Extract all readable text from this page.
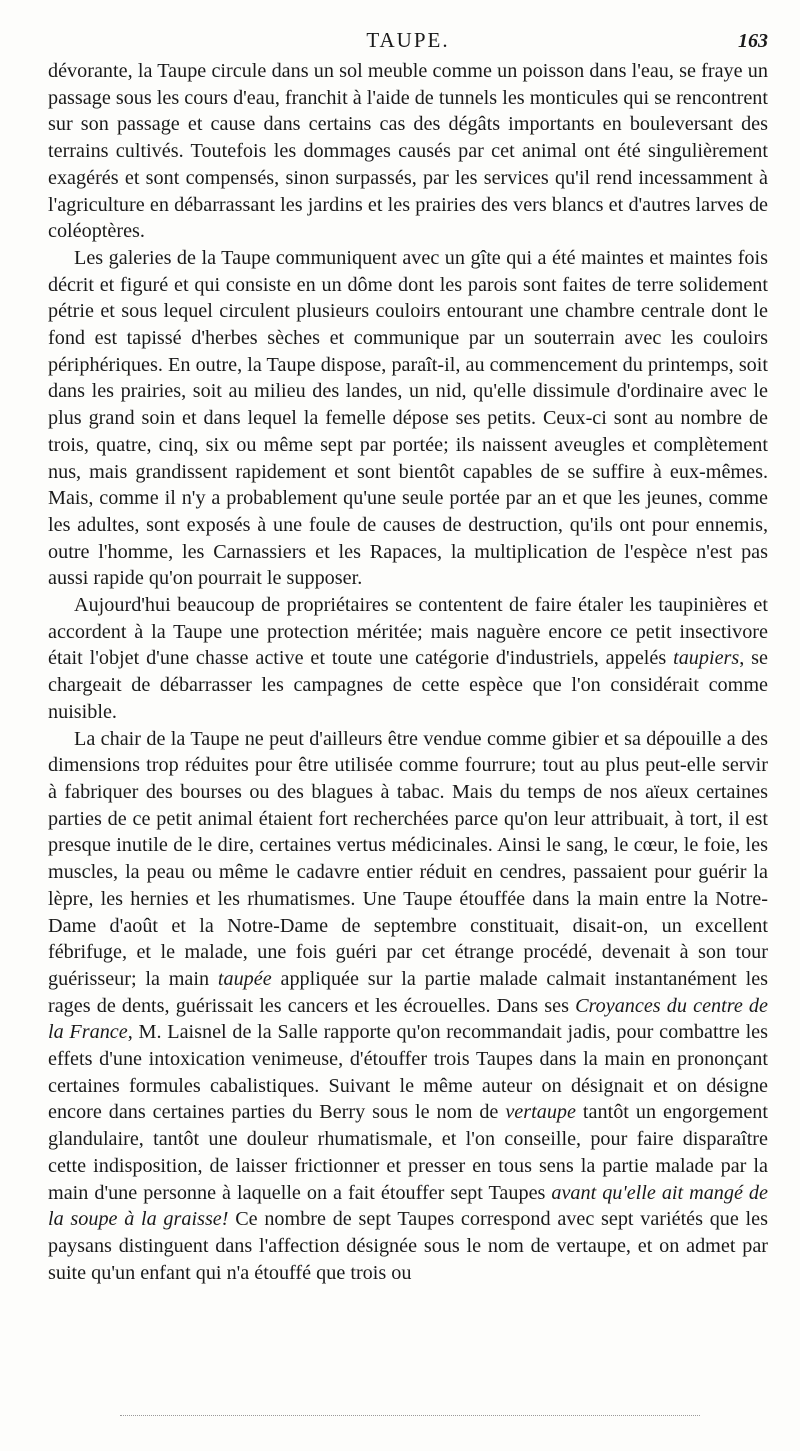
TAUPE.	163

dévorante, la Taupe circule dans un sol meuble comme un poisson dans l'eau, se fraye un passage sous les cours d'eau, franchit à l'aide de tunnels les monticules qui se rencontrent sur son passage et cause dans certains cas des dégâts importants en bouleversant des terrains cultivés. Toutefois les dommages causés par cet animal ont été singulièrement exagérés et sont compensés, sinon surpassés, par les services qu'il rend incessamment à l'agriculture en débarrassant les jardins et les prairies des vers blancs et d'autres larves de coléoptères.

Les galeries de la Taupe communiquent avec un gîte qui a été maintes et maintes fois décrit et figuré et qui consiste en un dôme dont les parois sont faites de terre solidement pétrie et sous lequel circulent plusieurs couloirs entourant une chambre centrale dont le fond est tapissé d'herbes sèches et communique par un souterrain avec les couloirs périphériques. En outre, la Taupe dispose, paraît-il, au commencement du printemps, soit dans les prairies, soit au milieu des landes, un nid, qu'elle dissimule d'ordinaire avec le plus grand soin et dans lequel la femelle dépose ses petits. Ceux-ci sont au nombre de trois, quatre, cinq, six ou même sept par portée; ils naissent aveugles et complètement nus, mais grandissent rapidement et sont bientôt capables de se suffire à eux-mêmes. Mais, comme il n'y a probablement qu'une seule portée par an et que les jeunes, comme les adultes, sont exposés à une foule de causes de destruction, qu'ils ont pour ennemis, outre l'homme, les Carnassiers et les Rapaces, la multiplication de l'espèce n'est pas aussi rapide qu'on pourrait le supposer.

Aujourd'hui beaucoup de propriétaires se contentent de faire étaler les taupinières et accordent à la Taupe une protection méritée; mais naguère encore ce petit insectivore était l'objet d'une chasse active et toute une catégorie d'industriels, appelés taupiers, se chargeait de débarrasser les campagnes de cette espèce que l'on considérait comme nuisible.

La chair de la Taupe ne peut d'ailleurs être vendue comme gibier et sa dépouille a des dimensions trop réduites pour être utilisée comme fourrure; tout au plus peut-elle servir à fabriquer des bourses ou des blagues à tabac. Mais du temps de nos aïeux certaines parties de ce petit animal étaient fort recherchées parce qu'on leur attribuait, à tort, il est presque inutile de le dire, certaines vertus médicinales. Ainsi le sang, le cœur, le foie, les muscles, la peau ou même le cadavre entier réduit en cendres, passaient pour guérir la lèpre, les hernies et les rhumatismes. Une Taupe étouffée dans la main entre la Notre-Dame d'août et la Notre-Dame de septembre constituait, disait-on, un excellent fébrifuge, et le malade, une fois guéri par cet étrange procédé, devenait à son tour guérisseur; la main taupée appliquée sur la partie malade calmait instantanément les rages de dents, guérissait les cancers et les écrouelles. Dans ses Croyances du centre de la France, M. Laisnel de la Salle rapporte qu'on recommandait jadis, pour combattre les effets d'une intoxication venimeuse, d'étouffer trois Taupes dans la main en prononçant certaines formules cabalistiques. Suivant le même auteur on désignait et on désigne encore dans certaines parties du Berry sous le nom de vertaupe tantôt un engorgement glandulaire, tantôt une douleur rhumatismale, et l'on conseille, pour faire disparaître cette indisposition, de laisser frictionner et presser en tous sens la partie malade par la main d'une personne à laquelle on a fait étouffer sept Taupes avant qu'elle ait mangé de la soupe à la graisse! Ce nombre de sept Taupes correspond avec sept variétés que les paysans distinguent dans l'affection désignée sous le nom de vertaupe, et on admet par suite qu'un enfant qui n'a étouffé que trois ou
